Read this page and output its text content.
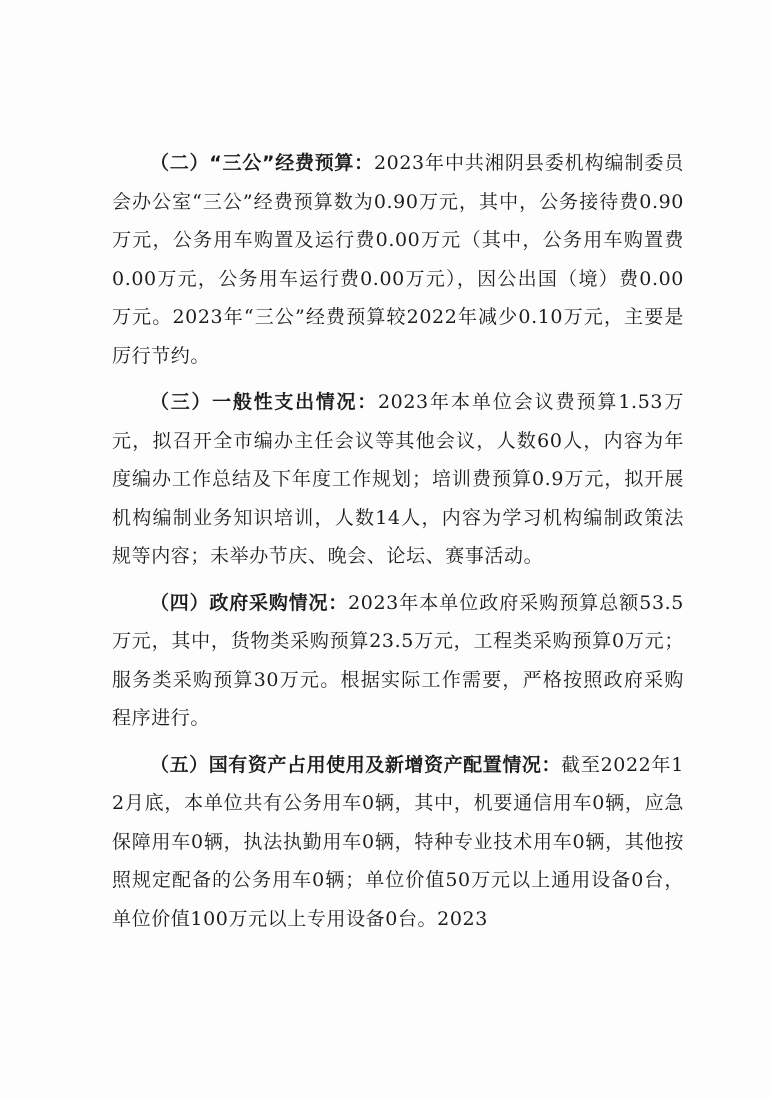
（二）“三公”经费预算：2023年中共湘阴县委机构编制委员会办公室“三公”经费预算数为0.90万元，其中，公务接待费0.90万元，公务用车购置及运行费0.00万元（其中，公务用车购置费0.00万元，公务用车运行费0.00万元），因公出国（境）费0.00万元。2023年“三公”经费预算较2022年减少0.10万元，主要是厉行节约。

（三）一般性支出情况：2023年本单位会议费预算1.53万元，拟召开全市编办主任会议等其他会议，人数60人，内容为年度编办工作总结及下年度工作规划；培训费预算0.9万元，拟开展机构编制业务知识培训，人数14人，内容为学习机构编制政策法规等内容；未举办节庆、晚会、论坛、赛事活动。

（四）政府采购情况：2023年本单位政府采购预算总额53.5万元，其中，货物类采购预算23.5万元，工程类采购预算0万元；服务类采购预算30万元。根据实际工作需要，严格按照政府采购程序进行。

（五）国有资产占用使用及新增资产配置情况：截至2022年12月底，本单位共有公务用车0辆，其中，机要通信用车0辆，应急保障用车0辆，执法执勤用车0辆，特种专业技术用车0辆，其他按照规定配备的公务用车0辆；单位价值50万元以上通用设备0台，单位价值100万元以上专用设备0台。2023
